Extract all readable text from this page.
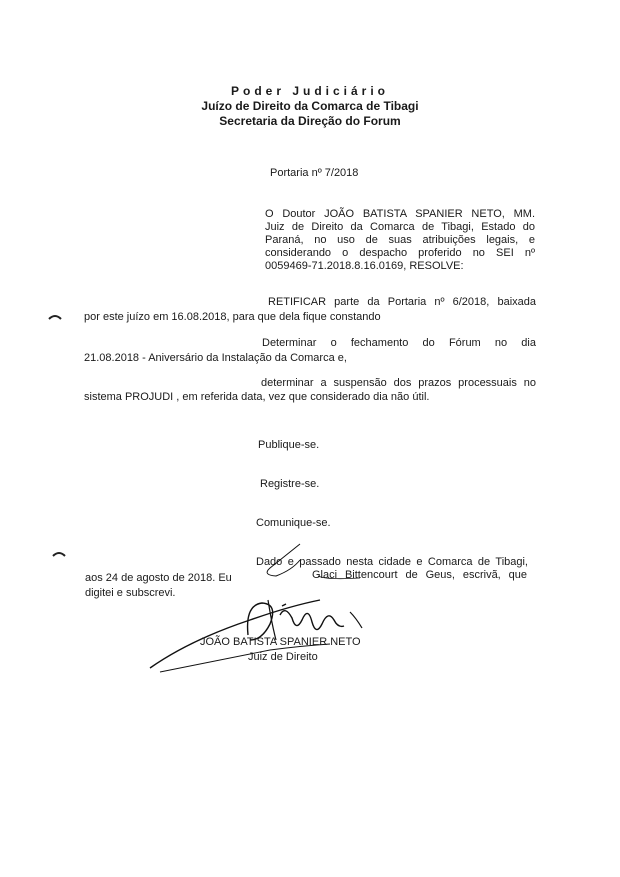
Poder Judiciário
Juízo de Direito da Comarca de Tibagi
Secretaria da Direção do Forum
Portaria nº 7/2018
O Doutor JOÃO BATISTA SPANIER NETO, MM.
Juiz de Direito da Comarca de Tibagi, Estado do
Paraná, no uso de suas atribuições legais, e
considerando o despacho proferido no SEI nº
0059469-71.2018.8.16.0169, RESOLVE:
RETIFICAR parte da Portaria nº 6/2018, baixada
por este juízo em 16.08.2018, para que dela fique constando
Determinar o fechamento do Fórum no dia
21.08.2018 - Aniversário da Instalação da Comarca e,
determinar a suspensão dos prazos processuais no
sistema PROJUDI , em referida data, vez que considerado dia não útil.
Publique-se.
Registre-se.
Comunique-se.
Dado e passado nesta cidade e Comarca de Tibagi,
aos 24 de agosto de 2018. Eu	Glaci Bittencourt de Geus, escrivã, que
digitei e subscrevi.
JOÃO BATISTA SPANIER NETO
Juiz de Direito
